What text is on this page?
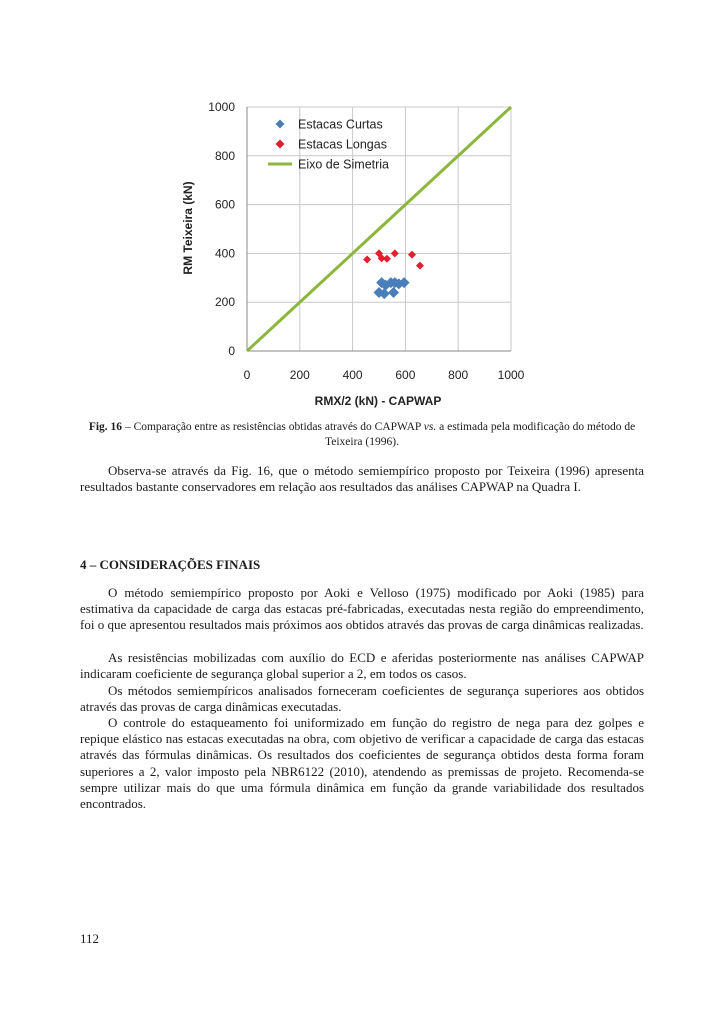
0	200	400	600	800 1000
0
200
400
600
800
1000
Estacas Curtas
Estacas Longas
Eixo de Simetria
RMX/2 (kN) - CAPWAP
RM Teixeira (kN)
Fig. 16 – Comparação entre as resistências obtidas através do CAPWAP vs. a estimada pela modificação do método de Teixeira (1996).

Observa-se através da Fig. 16, que o método semiempírico proposto por Teixeira (1996) apresenta resultados bastante conservadores em relação aos resultados das análises CAPWAP na Quadra I.

4 – CONSIDERAÇÕES FINAIS

O método semiempírico proposto por Aoki e Velloso (1975) modificado por Aoki (1985) para estimativa da capacidade de carga das estacas pré-fabricadas, executadas nesta região do empreendimento, foi o que apresentou resultados mais próximos aos obtidos através das provas de carga dinâmicas realizadas.

As resistências mobilizadas com auxílio do ECD e aferidas posteriormente nas análises CAPWAP indicaram coeficiente de segurança global superior a 2, em todos os casos.

Os métodos semiempíricos analisados forneceram coeficientes de segurança superiores aos obtidos através das provas de carga dinâmicas executadas.

O controle do estaqueamento foi uniformizado em função do registro de nega para dez golpes e repique elástico nas estacas executadas na obra, com objetivo de verificar a capacidade de carga das estacas através das fórmulas dinâmicas. Os resultados dos coeficientes de segurança obtidos desta forma foram superiores a 2, valor imposto pela NBR6122 (2010), atendendo as premissas de projeto. Recomenda-se sempre utilizar mais do que uma fórmula dinâmica em função da grande variabilidade dos resultados encontrados.

112
